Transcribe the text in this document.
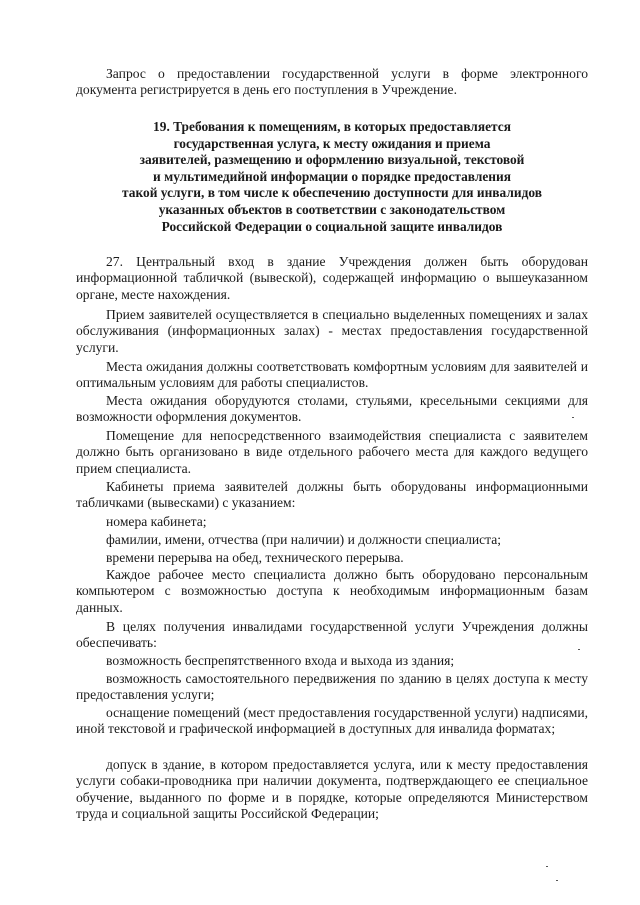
Запрос о предоставлении государственной услуги в форме электронного документа регистрируется в день его поступления в Учреждение.

19. Требования к помещениям, в которых предоставляется
государственная услуга, к месту ожидания и приема
заявителей, размещению и оформлению визуальной, текстовой
и мультимедийной информации о порядке предоставления
такой услуги, в том числе к обеспечению доступности для инвалидов
указанных объектов в соответствии с законодательством
Российской Федерации о социальной защите инвалидов

27. Центральный вход в здание Учреждения должен быть оборудован информационной табличкой (вывеской), содержащей информацию о вышеуказанном органе, месте нахождения.

Прием заявителей осуществляется в специально выделенных помещениях и залах обслуживания (информационных залах) - местах предоставления государственной услуги.

Места ожидания должны соответствовать комфортным условиям для заявителей и оптимальным условиям для работы специалистов.

Места ожидания оборудуются столами, стульями, кресельными секциями для возможности оформления документов.

Помещение для непосредственного взаимодействия специалиста с заявителем должно быть организовано в виде отдельного рабочего места для каждого ведущего прием специалиста.

Кабинеты приема заявителей должны быть оборудованы информационными табличками (вывесками) с указанием:

номера кабинета;

фамилии, имени, отчества (при наличии) и должности специалиста;

времени перерыва на обед, технического перерыва.

Каждое рабочее место специалиста должно быть оборудовано персональным компьютером с возможностью доступа к необходимым информационным базам данных.

В целях получения инвалидами государственной услуги Учреждения должны обеспечивать:

возможность беспрепятственного входа и выхода из здания;

возможность самостоятельного передвижения по зданию в целях доступа к месту предоставления услуги;

оснащение помещений (мест предоставления государственной услуги) надписями, иной текстовой и графической информацией в доступных для инвалида форматах;

допуск в здание, в котором предоставляется услуга, или к месту предоставления услуги собаки-проводника при наличии документа, подтверждающего ее специальное обучение, выданного по форме и в порядке, которые определяются Министерством труда и социальной защиты Российской Федерации;
